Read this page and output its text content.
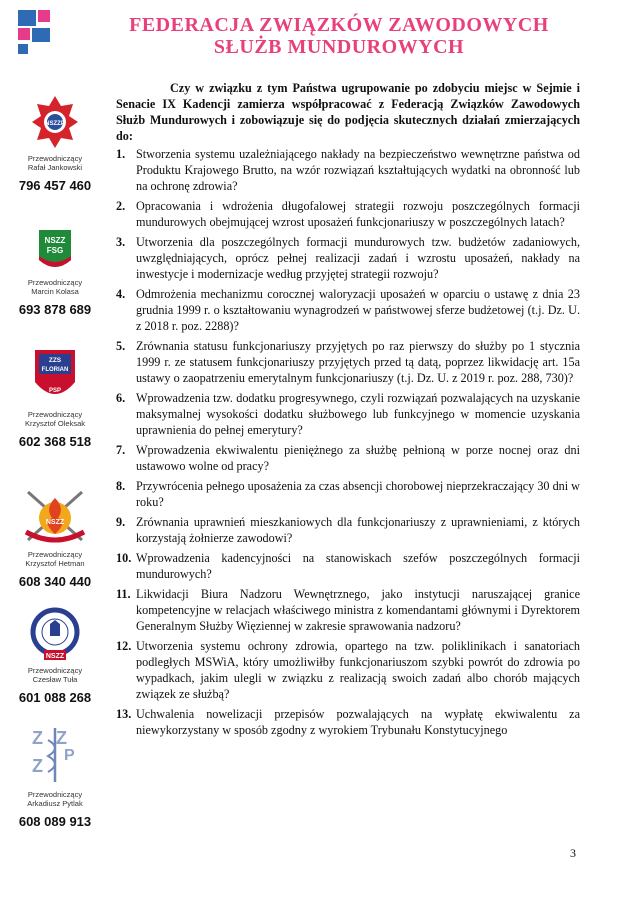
FEDERACJA ZWIĄZKÓW ZAWODOWYCH
SŁUŻB MUNDUROWYCH
NSZZP
Przewodniczący
Rafał Jankowski
796 457 460
NSZZ
FSG
Przewodniczący
Marcin Kolasa
693 878 689
ZZS
FLORIAN
PSP
Przewodniczący
Krzysztof Oleksak
602 368 518
NSZZ
Przewodniczący
Krzysztof Hetman
608 340 440
NSZZ
Przewodniczący
Czesław Tuła
601 088 268
Z Z
Z
P
Przewodniczący
Arkadiusz Pytlak
608 089 913

Czy w związku z tym Państwa ugrupowanie po zdobyciu miejsc w Sejmie i Senacie IX Kadencji zamierza współpracować z Federacją Związków Zawodowych Służb Mundurowych i zobowiązuje się do podjęcia skutecznych działań zmierzających do:

1. Stworzenia systemu uzależniającego nakłady na bezpieczeństwo wewnętrzne państwa od Produktu Krajowego Brutto, na wzór rozwiązań kształtujących wydatki na obronność lub na ochronę zdrowia?
2. Opracowania i wdrożenia długofalowej strategii rozwoju poszczególnych formacji mundurowych obejmującej wzrost uposażeń funkcjonariuszy w poszczególnych latach?
3. Utworzenia dla poszczególnych formacji mundurowych tzw. budżetów zadaniowych, uwzględniających, oprócz pełnej realizacji zadań i wzrostu uposażeń, nakłady na inwestycje i modernizacje według przyjętej strategii rozwoju?
4. Odmrożenia mechanizmu corocznej waloryzacji uposażeń w oparciu o ustawę z dnia 23 grudnia 1999 r. o kształtowaniu wynagrodzeń w państwowej sferze budżetowej (t.j. Dz. U. z 2018 r. poz. 2288)?
5. Zrównania statusu funkcjonariuszy przyjętych po raz pierwszy do służby po 1 stycznia 1999 r. ze statusem funkcjonariuszy przyjętych przed tą datą, poprzez likwidację art. 15a ustawy o zaopatrzeniu emerytalnym funkcjonariuszy (t.j. Dz. U. z 2019 r. poz. 288, 730)?
6. Wprowadzenia tzw. dodatku progresywnego, czyli rozwiązań pozwalających na uzyskanie maksymalnej wysokości dodatku służbowego lub funkcyjnego w momencie uzyskania uprawnienia do pełnej emerytury?
7. Wprowadzenia ekwiwalentu pieniężnego za służbę pełnioną w porze nocnej oraz dni ustawowo wolne od pracy?
8. Przywrócenia pełnego uposażenia za czas absencji chorobowej nieprzekraczający 30 dni w roku?
9. Zrównania uprawnień mieszkaniowych dla funkcjonariuszy z uprawnieniami, z których korzystają żołnierze zawodowi?
10. Wprowadzenia kadencyjności na stanowiskach szefów poszczególnych formacji mundurowych?
11. Likwidacji Biura Nadzoru Wewnętrznego, jako instytucji naruszającej granice kompetencyjne w relacjach właściwego ministra z komendantami głównymi i Dyrektorem Generalnym Służby Więziennej w zakresie sprawowania nadzoru?
12. Utworzenia systemu ochrony zdrowia, opartego na tzw. poliklinikach i sanatoriach podległych MSWiA, który umożliwiłby funkcjonariuszom szybki powrót do zdrowia po wypadkach, jakim ulegli w związku z realizacją swoich zadań albo chorób mających związek ze służbą?
13. Uchwalenia nowelizacji przepisów pozwalających na wypłatę ekwiwalentu za niewykorzystany w sposób zgodny z wyrokiem Trybunału Konstytucyjnego
3
